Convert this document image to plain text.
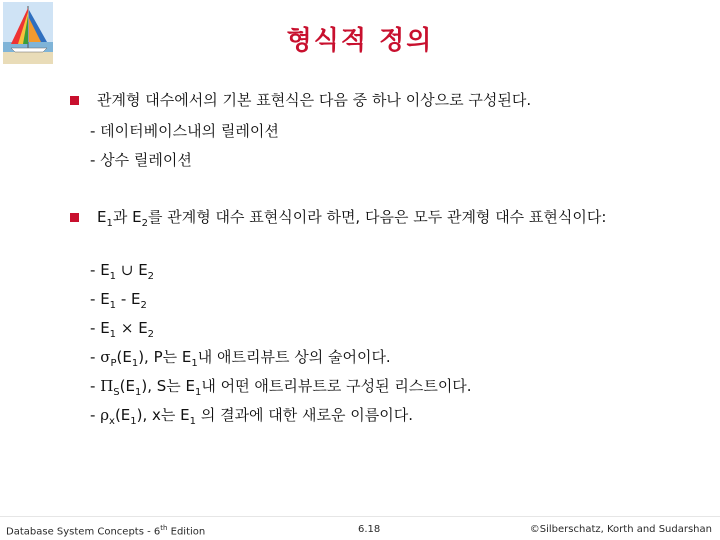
형식적 정의
관계형 대수에서의 기본 표현식은 다음 중 하나 이상으로 구성된다.
- 데이터베이스내의 릴레이션
- 상수 릴레이션
$E_1$과 $E_2$를 관계형 대수 표현식이라 하면, 다음은 모두 관계형 대수 표현식이다:
- $E_1$ ∪ $E_2$
- $E_1 - E_2$
- $E_1 \times E_2$
- $\sigma_P(E_1)$, P는 $E_1$내 애트리뷰트 상의 술어이다.
- $\Pi_S(E_1)$, S는 $E_1$내 어떤 애트리뷰트로 구성된 리스트이다.
- $\rho_x(E_1)$, x는 $E_1$ 의 결과에 대한 새로운 이름이다.
Database System Concepts - 6th Edition	6.18	©Silberschatz, Korth and Sudarshan
